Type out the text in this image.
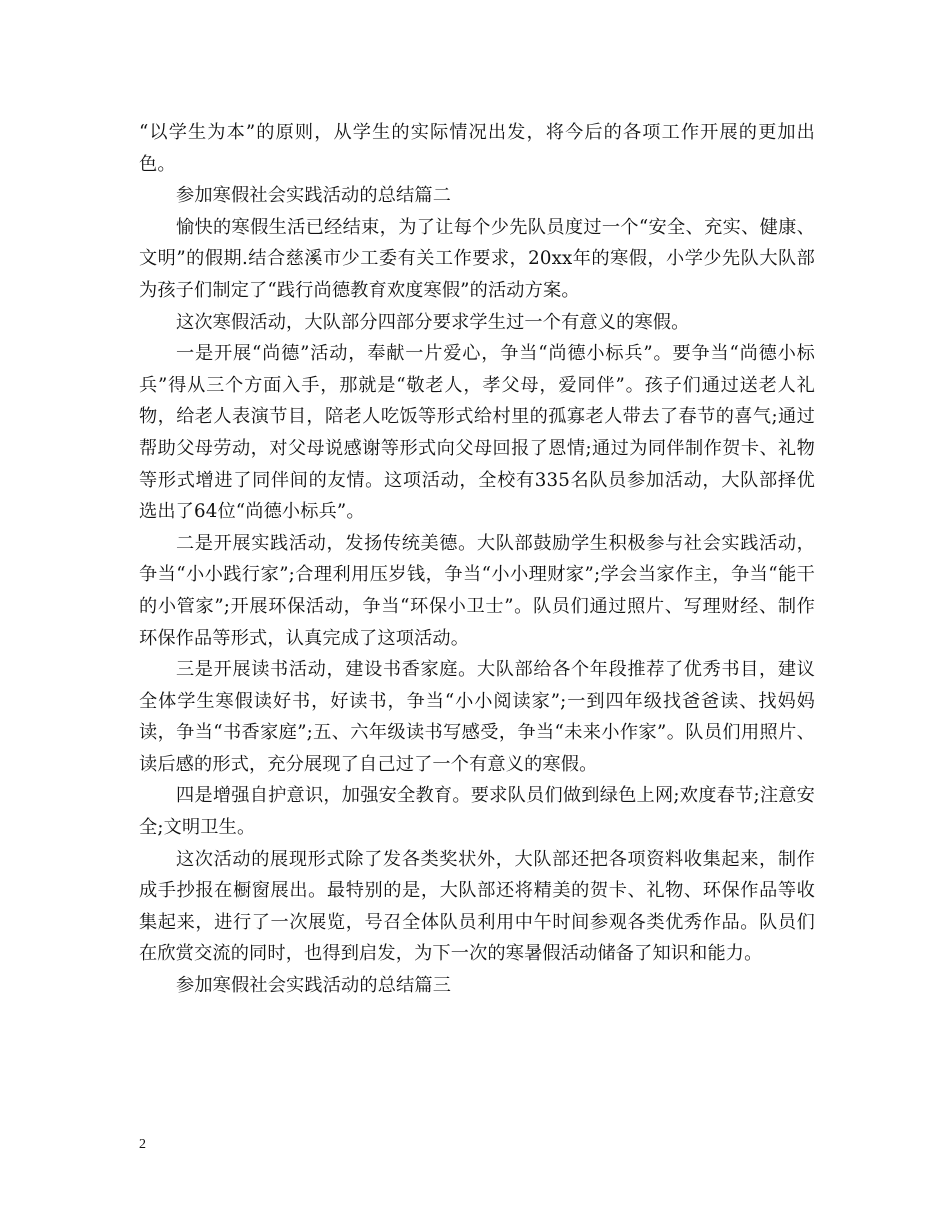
“以学生为本”的原则，从学生的实际情况出发，将今后的各项工作开展的更加出色。

参加寒假社会实践活动的总结篇二

愉快的寒假生活已经结束，为了让每个少先队员度过一个“安全、充实、健康、文明”的假期.结合慈溪市少工委有关工作要求，20xx年的寒假，小学少先队大队部为孩子们制定了“践行尚德教育欢度寒假”的活动方案。

这次寒假活动，大队部分四部分要求学生过一个有意义的寒假。

一是开展“尚德”活动，奉献一片爱心，争当“尚德小标兵”。要争当“尚德小标兵”得从三个方面入手，那就是“敬老人，孝父母，爱同伴”。孩子们通过送老人礼物，给老人表演节目，陪老人吃饭等形式给村里的孤寡老人带去了春节的喜气;通过帮助父母劳动，对父母说感谢等形式向父母回报了恩情;通过为同伴制作贺卡、礼物等形式增进了同伴间的友情。这项活动，全校有335名队员参加活动，大队部择优选出了64位“尚德小标兵”。

二是开展实践活动，发扬传统美德。大队部鼓励学生积极参与社会实践活动，争当“小小践行家”;合理利用压岁钱，争当“小小理财家”;学会当家作主，争当“能干的小管家”;开展环保活动，争当“环保小卫士”。队员们通过照片、写理财经、制作环保作品等形式，认真完成了这项活动。

三是开展读书活动，建设书香家庭。大队部给各个年段推荐了优秀书目，建议全体学生寒假读好书，好读书，争当“小小阅读家”;一到四年级找爸爸读、找妈妈读，争当“书香家庭”;五、六年级读书写感受，争当“未来小作家”。队员们用照片、读后感的形式，充分展现了自己过了一个有意义的寒假。

四是增强自护意识，加强安全教育。要求队员们做到绿色上网;欢度春节;注意安全;文明卫生。

这次活动的展现形式除了发各类奖状外，大队部还把各项资料收集起来，制作成手抄报在橱窗展出。最特别的是，大队部还将精美的贺卡、礼物、环保作品等收集起来，进行了一次展览，号召全体队员利用中午时间参观各类优秀作品。队员们在欣赏交流的同时，也得到启发，为下一次的寒暑假活动储备了知识和能力。

参加寒假社会实践活动的总结篇三

2
